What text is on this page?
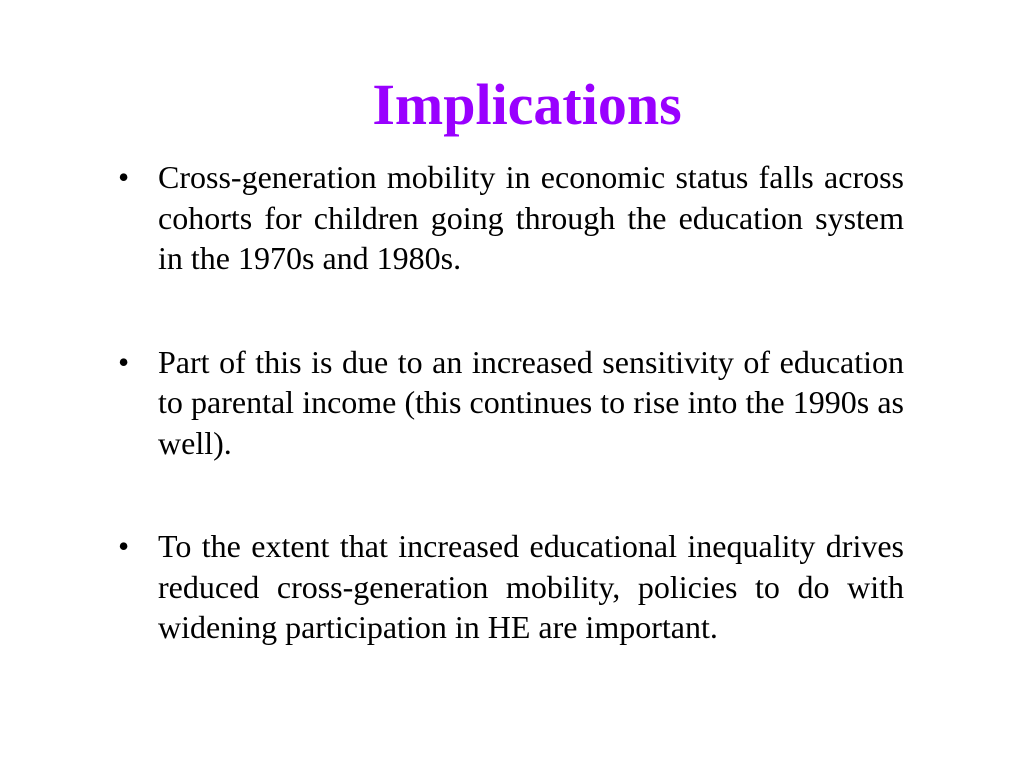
Implications
• Cross-generation mobility in economic status falls across cohorts for children going through the education system in the 1970s and 1980s.
• Part of this is due to an increased sensitivity of education to parental income (this continues to rise into the 1990s as well).
• To the extent that increased educational inequality drives reduced cross-generation mobility, policies to do with widening participation in HE are important.
